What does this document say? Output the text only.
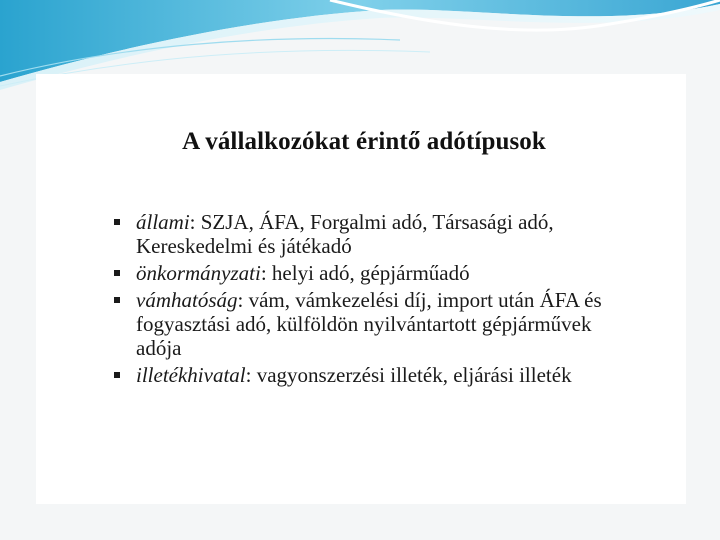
A vállalkozókat érintő adótípusok
állami: SZJA, ÁFA, Forgalmi adó, Társasági adó, Kereskedelmi és játékadó
önkormányzati: helyi adó, gépjárműadó
vámhatóság: vám, vámkezelési díj, import után ÁFA és fogyasztási adó, külföldön nyilvántartott gépjárművek adója
illetékhivatal: vagyonszerzési illeték, eljárási illeték
